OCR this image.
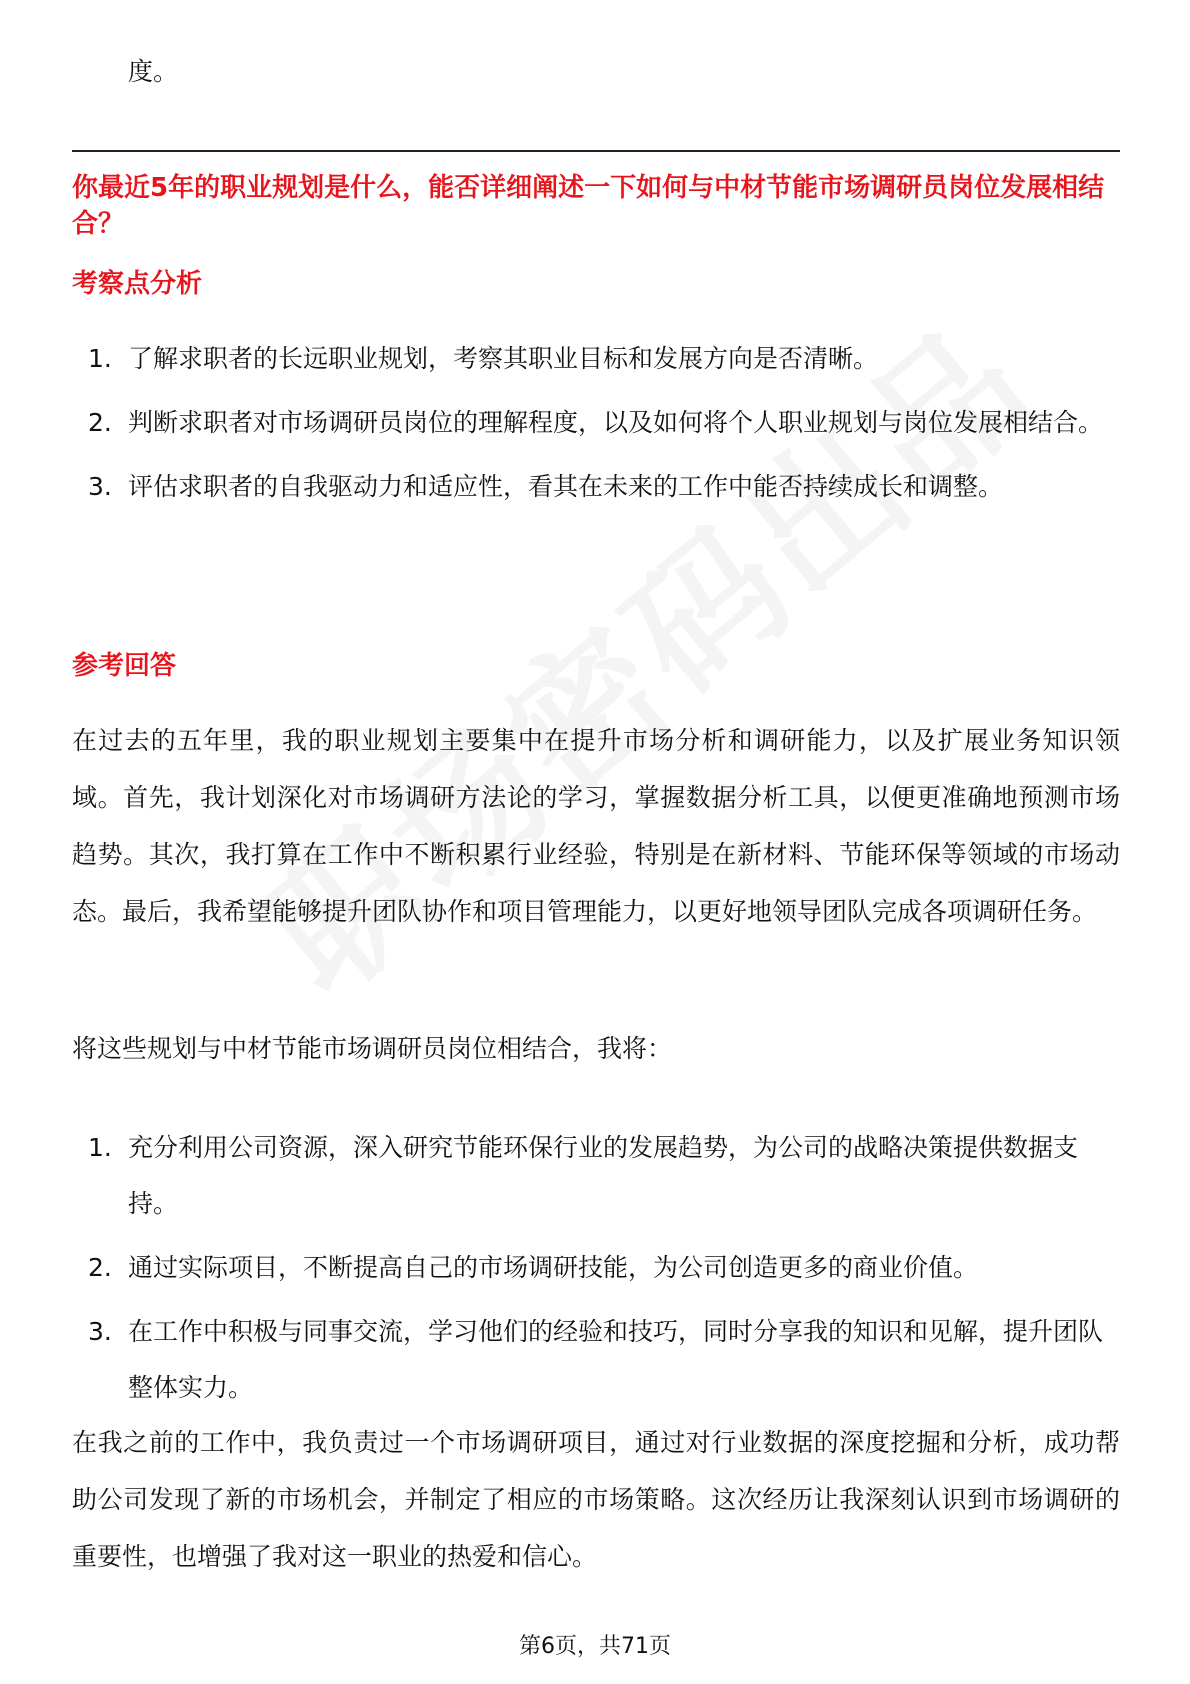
度。
你最近5年的职业规划是什么，能否详细阐述一下如何与中材节能市场调研员岗位发展相结合？
考察点分析
1. 了解求职者的长远职业规划，考察其职业目标和发展方向是否清晰。
2. 判断求职者对市场调研员岗位的理解程度，以及如何将个人职业规划与岗位发展相结合。
3. 评估求职者的自我驱动力和适应性，看其在未来的工作中能否持续成长和调整。
参考回答

在过去的五年里，我的职业规划主要集中在提升市场分析和调研能力，以及扩展业务知识领域。首先，我计划深化对市场调研方法论的学习，掌握数据分析工具，以便更准确地预测市场趋势。其次，我打算在工作中不断积累行业经验，特别是在新材料、节能环保等领域的市场动态。最后，我希望能够提升团队协作和项目管理能力，以更好地领导团队完成各项调研任务。

将这些规划与中材节能市场调研员岗位相结合，我将：

1. 充分利用公司资源，深入研究节能环保行业的发展趋势，为公司的战略决策提供数据支持。
2. 通过实际项目，不断提高自己的市场调研技能，为公司创造更多的商业价值。
3. 在工作中积极与同事交流，学习他们的经验和技巧，同时分享我的知识和见解，提升团队整体实力。

在我之前的工作中，我负责过一个市场调研项目，通过对行业数据的深度挖掘和分析，成功帮助公司发现了新的市场机会，并制定了相应的市场策略。这次经历让我深刻认识到市场调研的重要性，也增强了我对这一职业的热爱和信心。

第6页，共71页
